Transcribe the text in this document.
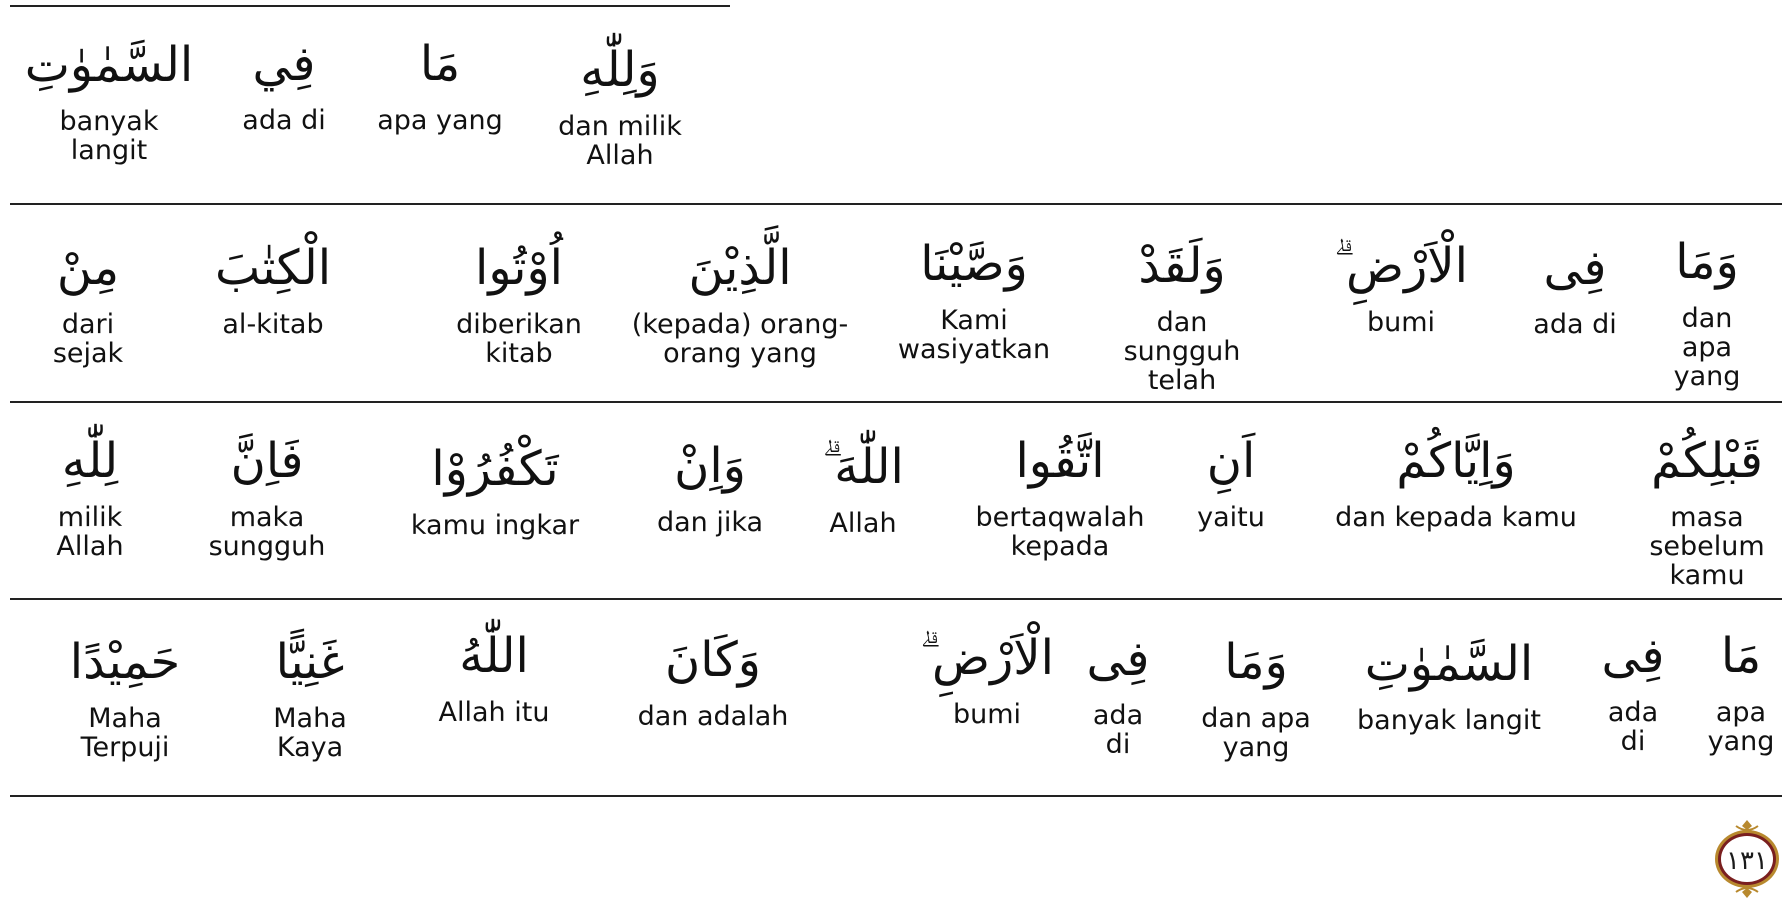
وَلِلّٰهِ
dan milik
Allah
مَا
apa yang
فِي
ada di
السَّمٰوٰتِ
banyak
langit
وَمَا
dan
apa
yang
فِى
ada di
الْاَرْضِ ۗ
bumi
وَلَقَدْ
dan
sungguh
telah
وَصَّيْنَا
Kami
wasiyatkan
الَّذِيْنَ
(kepada) orang-
orang yang
اُوْتُوا
diberikan
kitab
الْكِتٰبَ
al-kitab
مِنْ
dari
sejak
قَبْلِكُمْ
masa
sebelum
kamu
وَاِيَّاكُمْ
dan kepada kamu
اَنِ
yaitu
اتَّقُوا
bertaqwalah
kepada
اللّٰهَ ۗ
Allah
وَاِنْ
dan jika
تَكْفُرُوْا
kamu ingkar
فَاِنَّ
maka
sungguh
لِلّٰهِ
milik
Allah
مَا
apa
yang
فِى
ada
di
السَّمٰوٰتِ
banyak langit
وَمَا
dan apa
yang
فِى
ada
di
الْاَرْضِ ۗ
bumi
وَكَانَ
dan adalah
اللّٰهُ
Allah itu
غَنِيًّا
Maha
Kaya
حَمِيْدًا
Maha
Terpuji
١٣١
